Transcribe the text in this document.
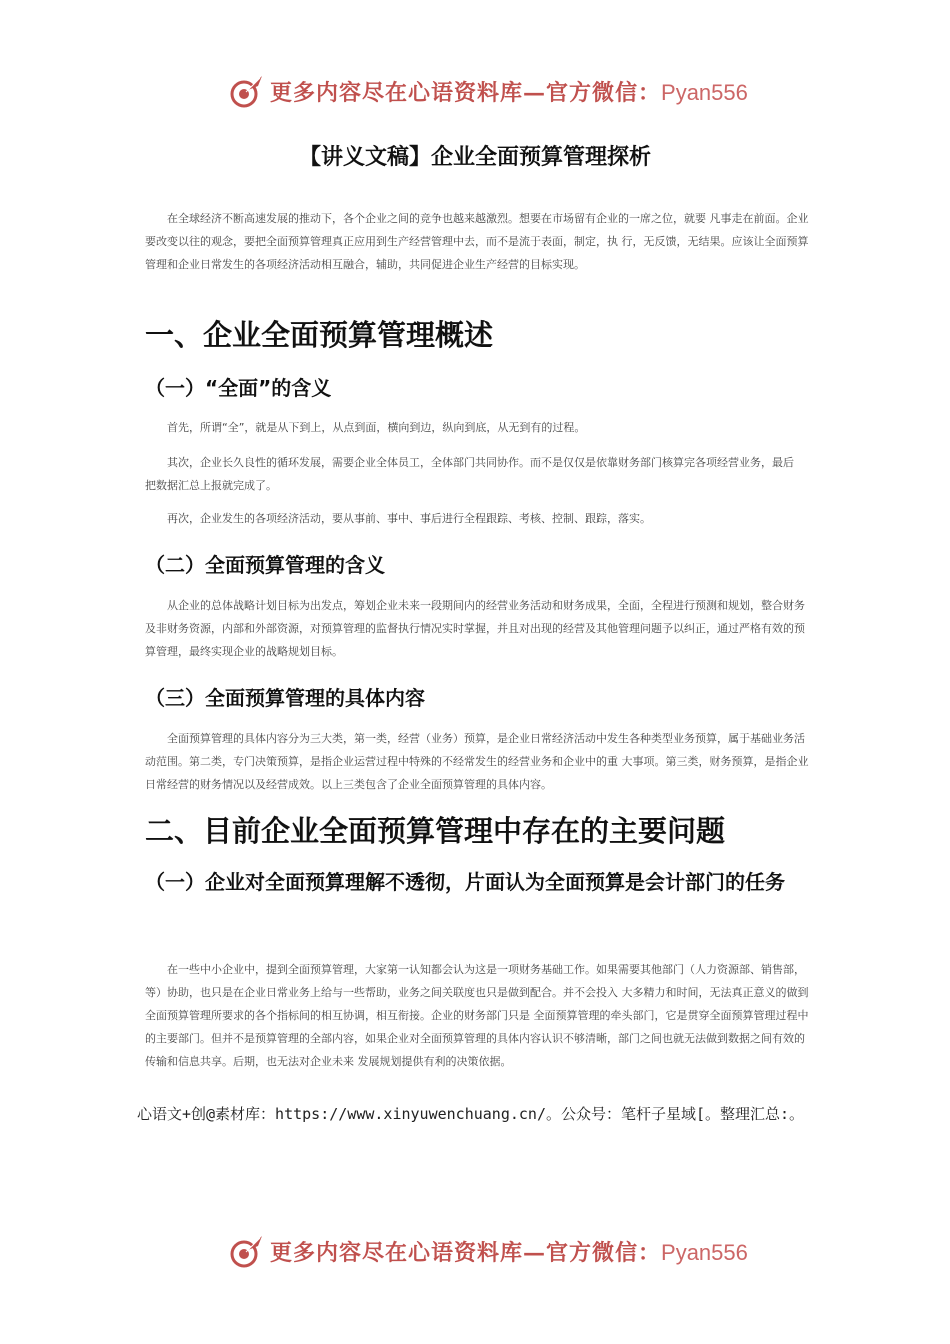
更多内容尽在心语资料库—官方微信：Pyan556
【讲义文稿】企业全面预算管理探析
在全球经济不断高速发展的推动下，各个企业之间的竞争也越来越激烈。想要在市场留有企业的一席之位，就要 凡事走在前面。企业要改变以往的观念，要把全面预算管理真正应用到生产经营管理中去，而不是流于表面，制定，执 行，无反馈，无结果。应该让全面预算管理和企业日常发生的各项经济活动相互融合，辅助，共同促进企业生产经营的目标实现。
一、企业全面预算管理概述
（一）“全面”的含义
首先，所谓“全”，就是从下到上，从点到面，横向到边，纵向到底，从无到有的过程。
其次，企业长久良性的循环发展，需要企业全体员工，全体部门共同协作。而不是仅仅是依靠财务部门核算完各项经营业务，最后把数据汇总上报就完成了。
再次，企业发生的各项经济活动，要从事前、事中、事后进行全程跟踪、考核、控制、跟踪，落实。
（二）全面预算管理的含义
从企业的总体战略计划目标为出发点，筹划企业未来一段期间内的经营业务活动和财务成果，全面，全程进行预测和规划，整合财务及非财务资源，内部和外部资源，对预算管理的监督执行情况实时掌握，并且对出现的经营及其他管理问题予以纠正，通过严格有效的预算管理，最终实现企业的战略规划目标。
（三）全面预算管理的具体内容
全面预算管理的具体内容分为三大类，第一类，经营（业务）预算，是企业日常经济活动中发生各种类型业务预算，属于基础业务活动范围。第二类，专门决策预算，是指企业运营过程中特殊的不经常发生的经营业务和企业中的重 大事项。第三类，财务预算，是指企业日常经营的财务情况以及经营成效。以上三类包含了企业全面预算管理的具体内容。
二、目前企业全面预算管理中存在的主要问题
（一）企业对全面预算理解不透彻，片面认为全面预算是会计部门的任务
在一些中小企业中，提到全面预算管理，大家第一认知都会认为这是一项财务基础工作。如果需要其他部门（人力资源部、销售部，等）协助，也只是在企业日常业务上给与一些帮助，业务之间关联度也只是做到配合。并不会投入 大多精力和时间，无法真正意义的做到全面预算管理所要求的各个指标间的相互协调，相互衔接。企业的财务部门只是 全面预算管理的牵头部门，它是贯穿全面预算管理过程中的主要部门。但并不是预算管理的全部内容，如果企业对全面预算管理的具体内容认识不够清晰，部门之间也就无法做到数据之间有效的传输和信息共享。后期，也无法对企业未来 发展规划提供有利的决策依据。
心语文+创@素材库：https://www.xinyuwenchuang.cn/。公众号：笔杆子星域[。整理汇总:。
更多内容尽在心语资料库—官方微信：Pyan556
